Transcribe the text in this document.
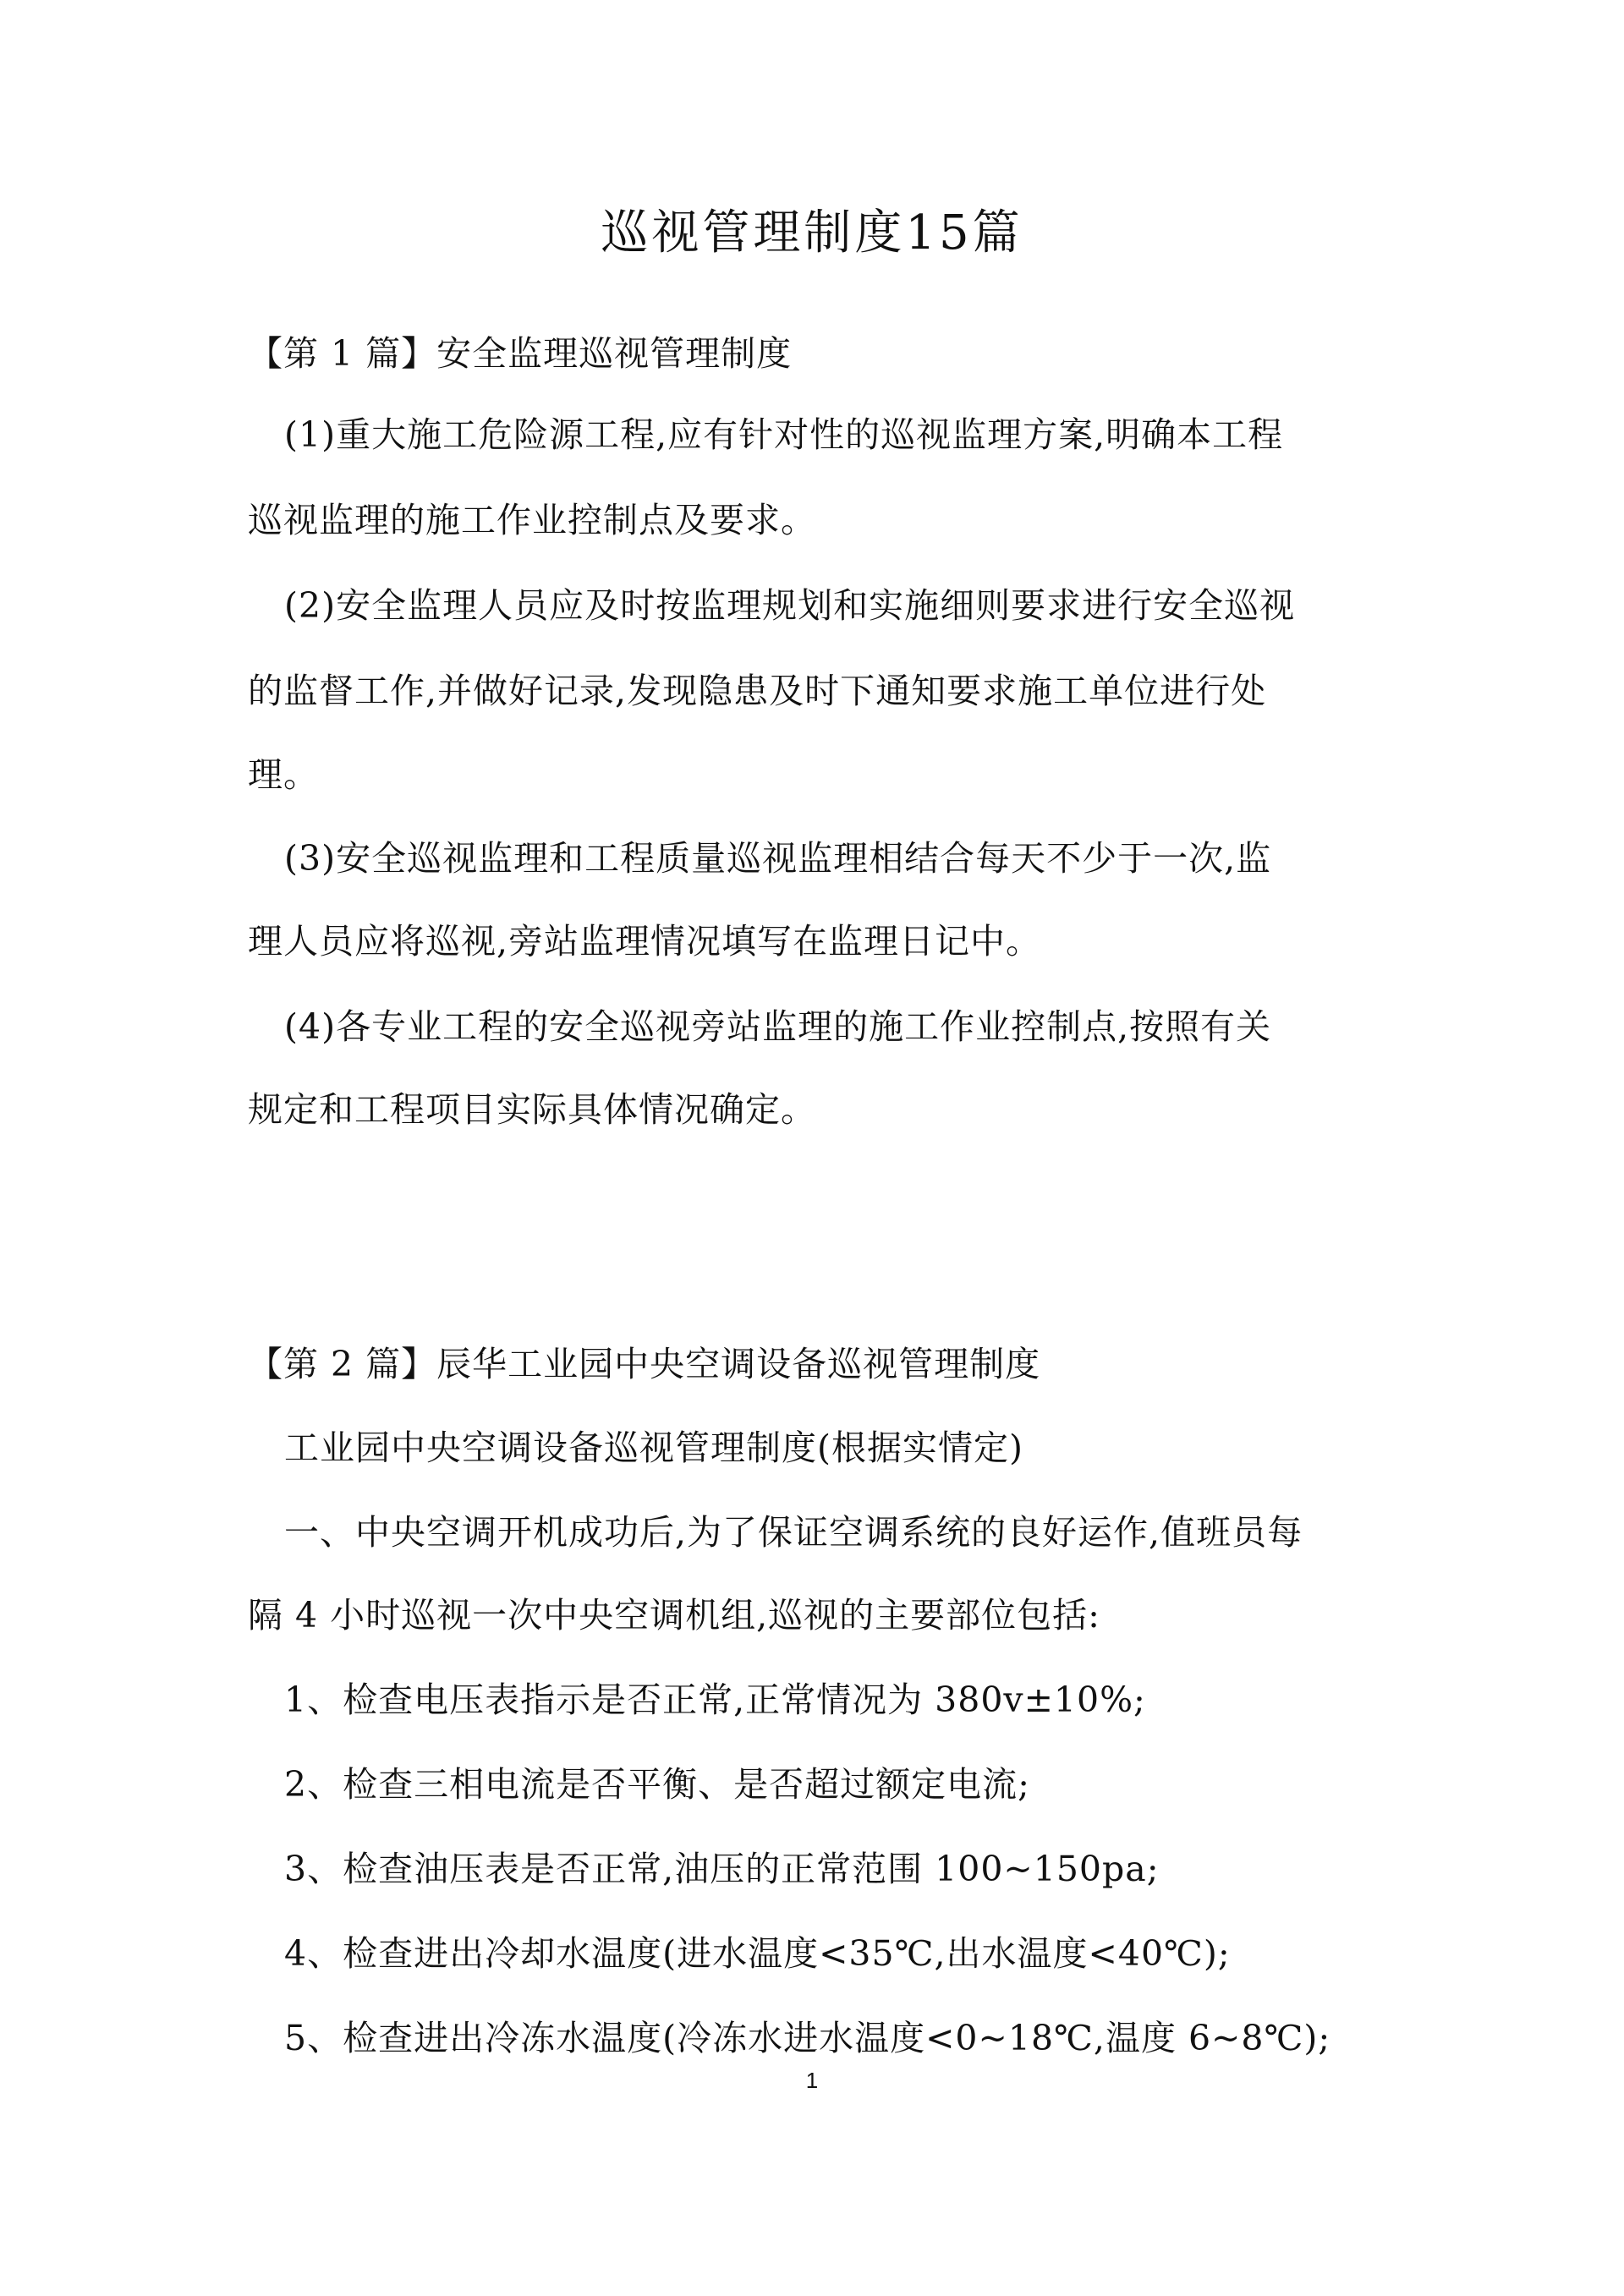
巡视管理制度15篇

【第 1 篇】安全监理巡视管理制度

(1)重大施工危险源工程,应有针对性的巡视监理方案,明确本工程

巡视监理的施工作业控制点及要求。

(2)安全监理人员应及时按监理规划和实施细则要求进行安全巡视

的监督工作,并做好记录,发现隐患及时下通知要求施工单位进行处

理。

(3)安全巡视监理和工程质量巡视监理相结合每天不少于一次,监

理人员应将巡视,旁站监理情况填写在监理日记中。

(4)各专业工程的安全巡视旁站监理的施工作业控制点,按照有关

规定和工程项目实际具体情况确定。

【第 2 篇】辰华工业园中央空调设备巡视管理制度

工业园中央空调设备巡视管理制度(根据实情定)

一、中央空调开机成功后,为了保证空调系统的良好运作,值班员每

隔 4 小时巡视一次中央空调机组,巡视的主要部位包括:

1、检查电压表指示是否正常,正常情况为 380v±10%;

2、检查三相电流是否平衡、是否超过额定电流;

3、检查油压表是否正常,油压的正常范围 100~150pa;

4、检查进出冷却水温度(进水温度<35℃,出水温度<40℃);

5、检查进出冷冻水温度(冷冻水进水温度<0~18℃,温度 6~8℃);

1
